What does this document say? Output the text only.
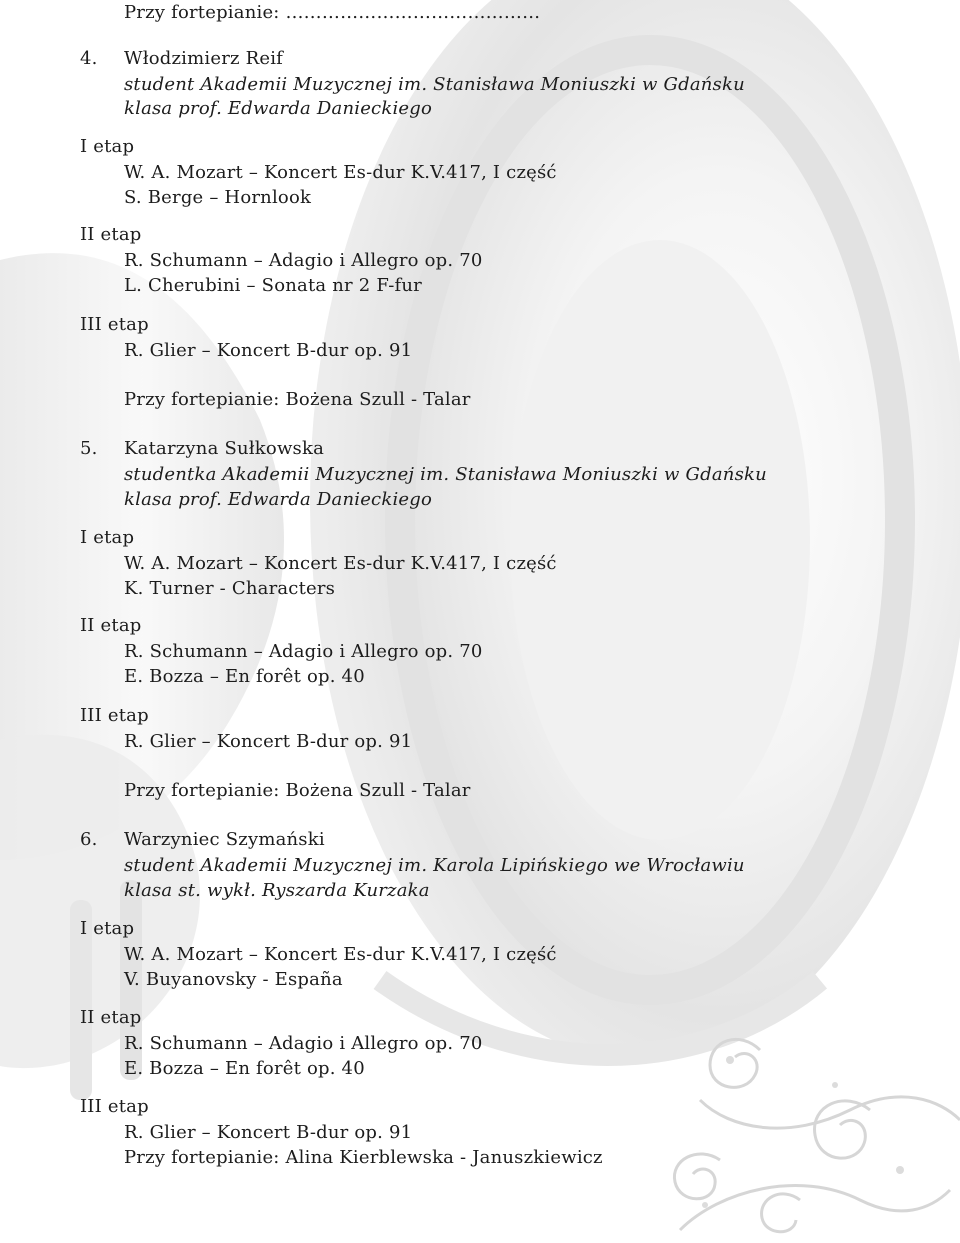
Przy fortepianie: ……………………………………
4. Włodzimierz Reif
student Akademii Muzycznej im. Stanisława Moniuszki w Gdańsku
klasa prof. Edwarda Danieckiego
I etap
W. A. Mozart – Koncert Es-dur K.V.417, I część
S. Berge – Hornlook
II etap
R. Schumann – Adagio i Allegro op. 70
L. Cherubini – Sonata nr 2 F-fur
III etap
R. Glier – Koncert B-dur op. 91
Przy fortepianie: Bożena Szull - Talar
5. Katarzyna Sułkowska
studentka Akademii Muzycznej im. Stanisława Moniuszki w Gdańsku
klasa prof. Edwarda Danieckiego
I etap
W. A. Mozart – Koncert Es-dur K.V.417, I część
K. Turner - Characters
II etap
R. Schumann – Adagio i Allegro op. 70
E. Bozza – En forêt op. 40
III etap
R. Glier – Koncert B-dur op. 91
Przy fortepianie: Bożena Szull - Talar
6. Warzyniec Szymański
student Akademii Muzycznej im. Karola Lipińskiego we Wrocławiu
klasa st. wykł. Ryszarda Kurzaka
I etap
W. A. Mozart – Koncert Es-dur K.V.417, I część
V. Buyanovsky - España
II etap
R. Schumann – Adagio i Allegro op. 70
E. Bozza – En forêt op. 40
III etap
R. Glier – Koncert B-dur op. 91
Przy fortepianie: Alina Kierblewska - Januszkiewicz
